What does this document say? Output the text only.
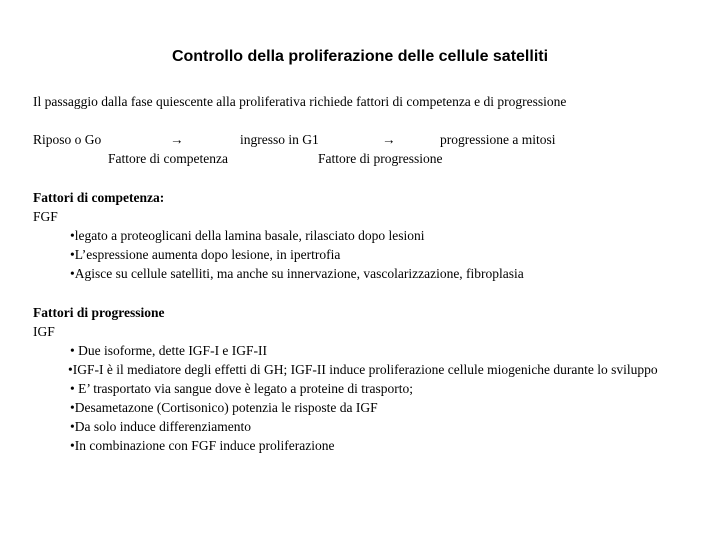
Controllo della proliferazione delle cellule satelliti
Il passaggio dalla fase quiescente alla proliferativa richiede fattori di competenza e di progressione
Riposo o Go	→	ingresso in G1	→	progressione a mitosi
Fattore di competenza	Fattore di progressione
Fattori di competenza:
FGF
•legato a proteoglicani della lamina basale, rilasciato dopo lesioni
•L’espressione aumenta dopo lesione, in ipertrofia
•Agisce su cellule satelliti, ma anche su innervazione, vascolarizzazione, fibroplasia
Fattori di progressione
IGF
• Due isoforme, dette IGF-I e IGF-II
•IGF-I è il mediatore degli effetti di GH; IGF-II induce proliferazione cellule miogeniche durante lo sviluppo
• E’ trasportato via sangue dove è legato a proteine di trasporto;
•Desametazone (Cortisonico) potenzia le risposte da IGF
•Da solo induce differenziamento
•In combinazione con FGF induce proliferazione
